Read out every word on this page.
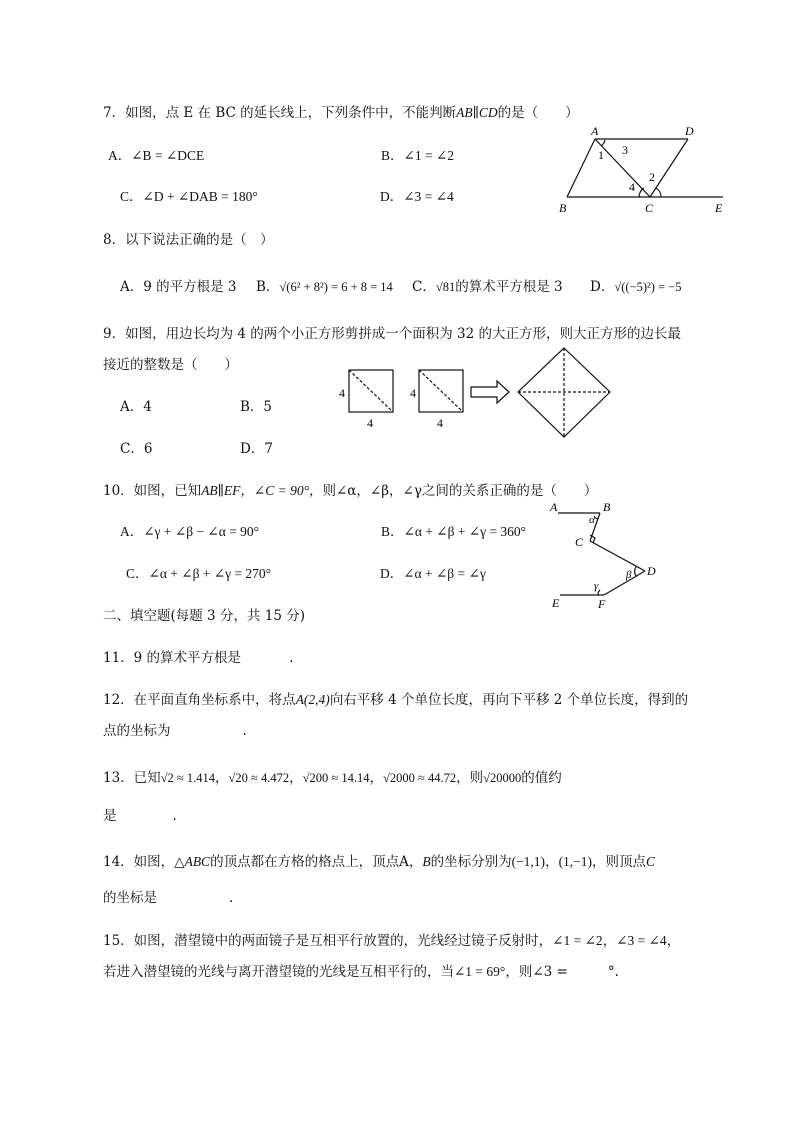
7．如图，点 E 在 BC 的延长线上，下列条件中，不能判断AB∥CD的是（　　）
A．∠B = ∠DCE	B．∠1 = ∠2
C．∠D + ∠DAB = 180°	D．∠3 = ∠4
A	D
B	C	E
1 3
4
2
8．以下说法正确的是（　）
A．9 的平方根是 3 B．√(6² + 8²) = 6 + 8 = 14 C．√81的算术平方根是 3 D．√((−5)²) = −5
9．如图，用边长均为 4 的两个小正方形剪拼成一个面积为 32 的大正方形，则大正方形的边长最
接近的整数是（　　）
A．4	B．5
C．6	D．7
4
4
4
4
10．如图，已知AB∥EF，∠C = 90°，则∠α，∠β，∠γ之间的关系正确的是（　　）
A．∠γ + ∠β − ∠α = 90°	B．∠α + ∠β + ∠γ = 360°
C．∠α + ∠β + ∠γ = 270°	D．∠α + ∠β = ∠γ
A	B
C
D
E	F
α
β
γ
二、填空题(每题 3 分，共 15 分)
11．9 的算术平方根是	.
12．在平面直角坐标系中，将点A(2,4)向右平移 4 个单位长度，再向下平移 2 个单位长度，得到的
点的坐标为	.
13．已知√2 ≈ 1.414，√20 ≈ 4.472，√200 ≈ 14.14，√2000 ≈ 44.72，则√20000的值约
是	.
14．如图，△ABC的顶点都在方格的格点上，顶点A，B的坐标分别为(−1,1)，(1,−1)，则顶点C
的坐标是	.
15．如图，潜望镜中的两面镜子是互相平行放置的，光线经过镜子反射时，∠1 = ∠2，∠3 = ∠4，
若进入潜望镜的光线与离开潜望镜的光线是互相平行的，当∠1 = 69°，则∠3 =	°.
